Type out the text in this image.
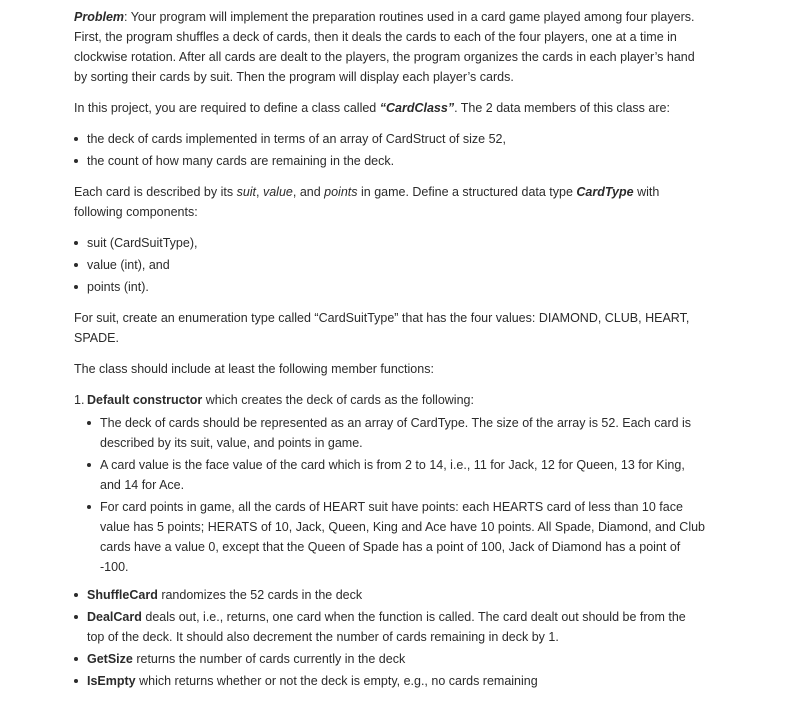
Problem: Your program will implement the preparation routines used in a card game played among four players. First, the program shuffles a deck of cards, then it deals the cards to each of the four players, one at a time in clockwise rotation. After all cards are dealt to the players, the program organizes the cards in each player’s hand by sorting their cards by suit. Then the program will display each player’s cards.

In this project, you are required to define a class called “CardClass”. The 2 data members of this class are:

the deck of cards implemented in terms of an array of CardStruct of size 52,
the count of how many cards are remaining in the deck.

Each card is described by its suit, value, and points in game. Define a structured data type CardType with following components:

suit (CardSuitType),
value (int), and
points (int).

For suit, create an enumeration type called “CardSuitType” that has the four values: DIAMOND, CLUB, HEART, SPADE.

The class should include at least the following member functions:

1. Default constructor which creates the deck of cards as the following:
The deck of cards should be represented as an array of CardType. The size of the array is 52. Each card is described by its suit, value, and points in game.
A card value is the face value of the card which is from 2 to 14, i.e., 11 for Jack, 12 for Queen, 13 for King, and 14 for Ace.
For card points in game, all the cards of HEART suit have points: each HEARTS card of less than 10 face value has 5 points; HERATS of 10, Jack, Queen, King and Ace have 10 points. All Spade, Diamond, and Club cards have a value 0, except that the Queen of Spade has a point of 100, Jack of Diamond has a point of -100.
ShuffleCard randomizes the 52 cards in the deck
DealCard deals out, i.e., returns, one card when the function is called. The card dealt out should be from the top of the deck. It should also decrement the number of cards remaining in deck by 1.
GetSize returns the number of cards currently in the deck
IsEmpty which returns whether or not the deck is empty, e.g., no cards remaining
